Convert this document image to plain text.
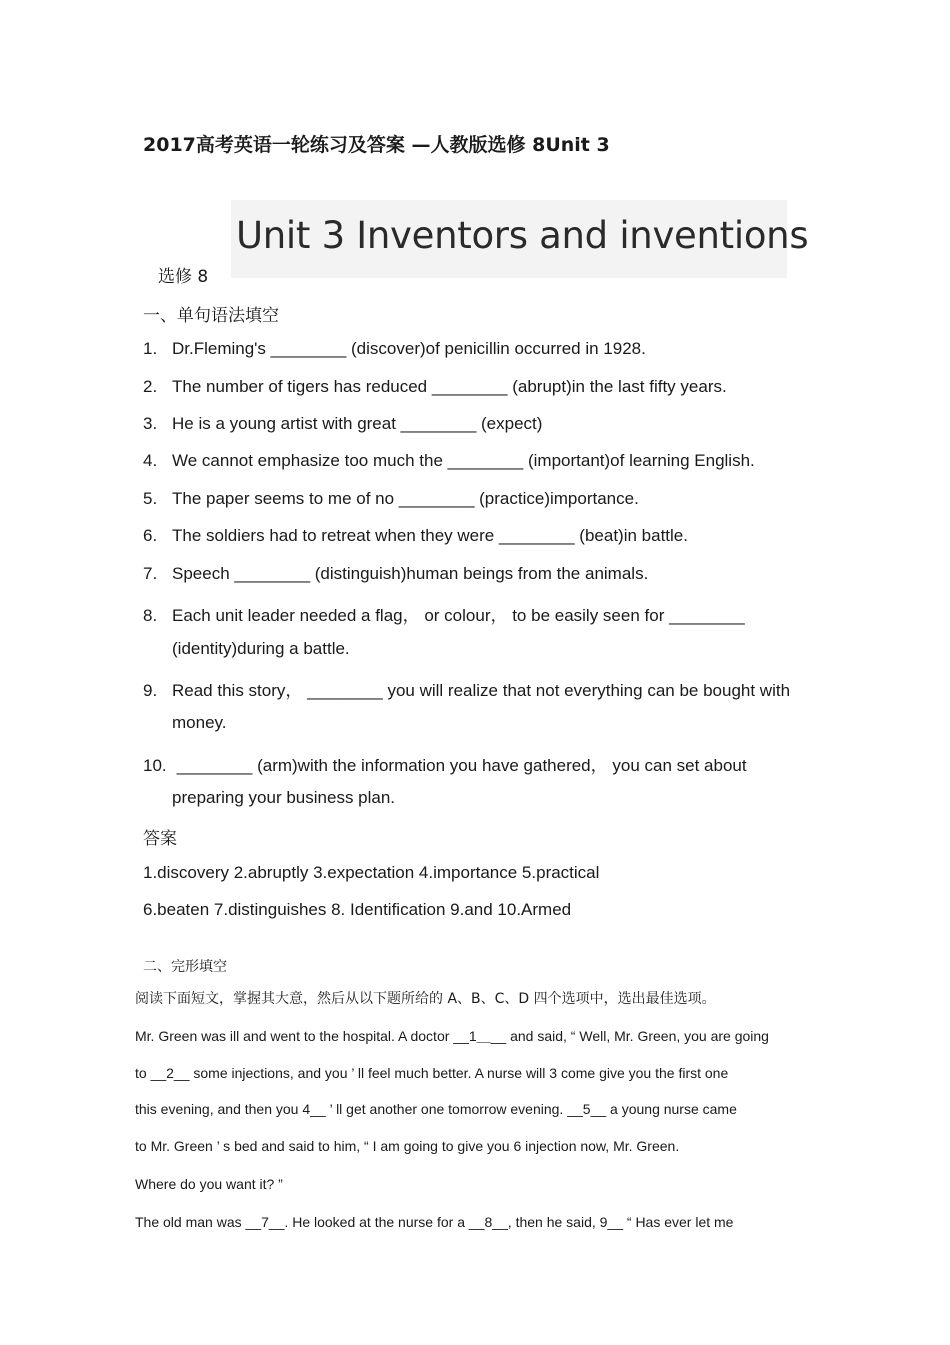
2017高考英语一轮练习及答案 —人教版选修 8Unit 3
Unit 3 Inventors and inventions
选修 8
一、单句语法填空
1. Dr.Fleming's ________ (discover)of penicillin occurred in 1928.
2. The number of tigers has reduced ________ (abrupt)in the last fifty years.
3. He is a young artist with great ________ (expect)
4. We cannot emphasize too much the ________ (important)of learning English.
5. The paper seems to me of no ________ (practice)importance.
6. The soldiers had to retreat when they were ________ (beat)in battle.
7. Speech ________ (distinguish)human beings from the animals.
8. Each unit leader needed a flag， or colour， to be easily seen for ________
(identity)during a battle.
9. Read this story， ________ you will realize that not everything can be bought with
money.
10. ________ (arm)with the information you have gathered， you can set about
preparing your business plan.
答案
1.discovery 2.abruptly 3.expectation 4.importance 5.practical
6.beaten 7.distinguishes 8. Identification 9.and 10.Armed
二、完形填空
阅读下面短文，掌握其大意，然后从以下题所给的 A、B、C、D 四个选项中，选出最佳选项。
Mr. Green was ill and went to the hospital. A doctor __1＿__ and said, “ Well, Mr. Green, you are going
to __2__ some injections, and you ’ ll feel much better. A nurse will 3 come give you the first one
this evening, and then you 4__ ’ ll get another one tomorrow evening. __5__ a young nurse came
to Mr. Green ’ s bed and said to him, “ I am going to give you 6 injection now, Mr. Green.
Where do you want it? ”
The old man was __7__. He looked at the nurse for a __8__, then he said, 9__ “ Has ever let me
